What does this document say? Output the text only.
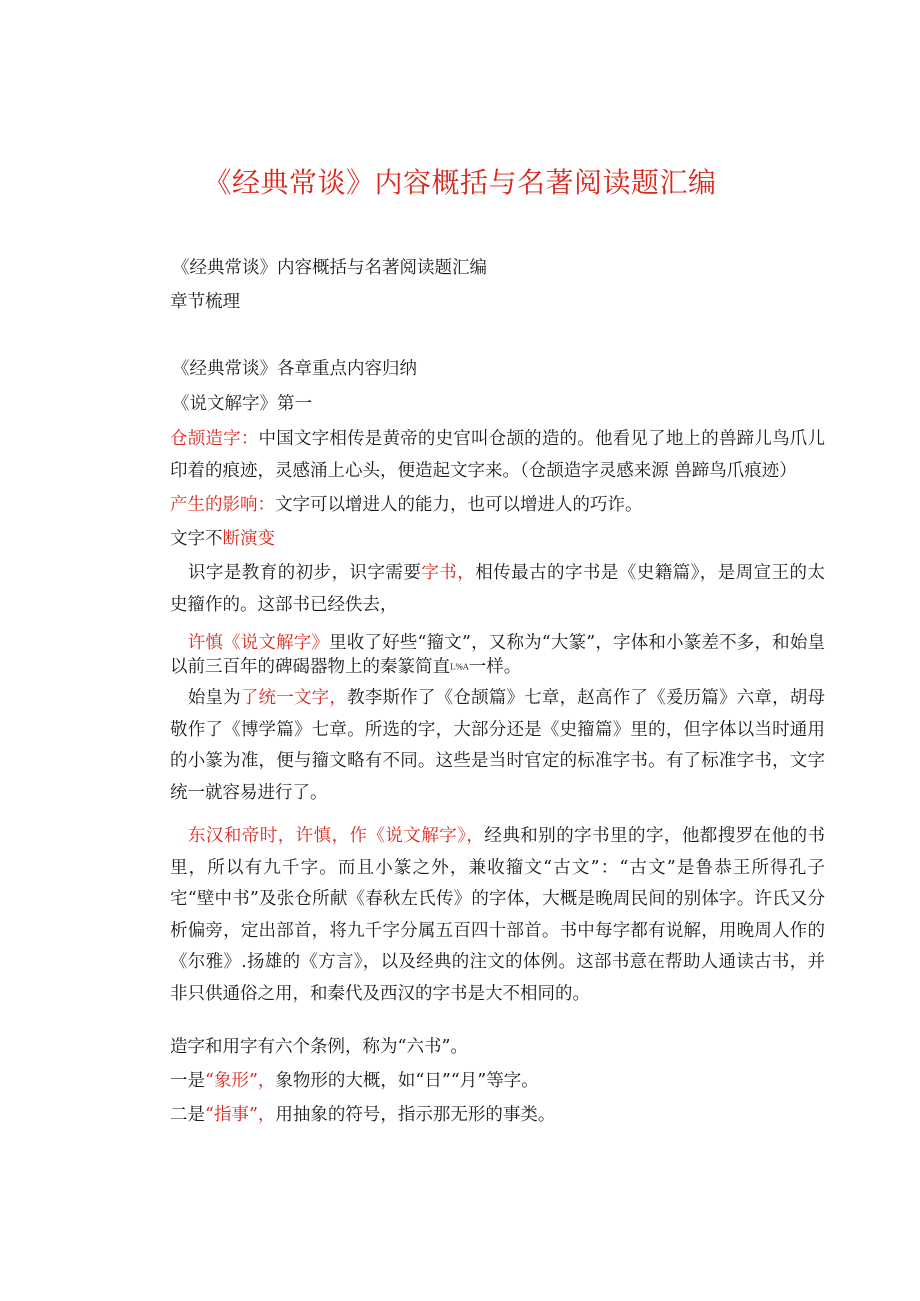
《经典常谈》内容概括与名著阅读题汇编

《经典常谈》内容概括与名著阅读题汇编

章节梳理

《经典常谈》各章重点内容归纳

《说文解字》第一

仓颉造字：中国文字相传是黄帝的史官叫仓颉的造的。他看见了地上的兽蹄儿鸟爪儿印着的痕迹，灵感涌上心头，便造起文字来。（仓颉造字灵感来源 兽蹄鸟爪痕迹）

产生的影响：文字可以增进人的能力，也可以增进人的巧诈。

文字不断演变

　识字是教育的初步，识字需要字书，相传最古的字书是《史籍篇》，是周宣王的太史籀作的。这部书已经佚去，

　许慎《说文解字》里收了好些“籀文”，又称为“大篆”，字体和小篆差不多，和始皇以前三百年的碑碣器物上的秦篆简直L%A一样。

　始皇为了统一文字，教李斯作了《仓颉篇》七章，赵高作了《爰历篇》六章，胡母敬作了《博学篇》七章。所选的字，大部分还是《史籀篇》里的，但字体以当时通用的小篆为准，便与籀文略有不同。这些是当时官定的标准字书。有了标准字书，文字统一就容易进行了。

　东汉和帝时，许慎，作《说文解字》，经典和别的字书里的字，他都搜罗在他的书里，所以有九千字。而且小篆之外，兼收籀文“古文”：“古文”是鲁恭王所得孔子宅“壁中书”及张仓所献《春秋左氏传》的字体，大概是晚周民间的别体字。许氏又分析偏旁，定出部首，将九千字分属五百四十部首。书中每字都有说解，用晚周人作的《尔雅》.扬雄的《方言》，以及经典的注文的体例。这部书意在帮助人通读古书，并非只供通俗之用，和秦代及西汉的字书是大不相同的。

造字和用字有六个条例，称为“六书”。

一是“象形”，象物形的大概，如“日”“月”等字。

二是“指事”，用抽象的符号，指示那无形的事类。
